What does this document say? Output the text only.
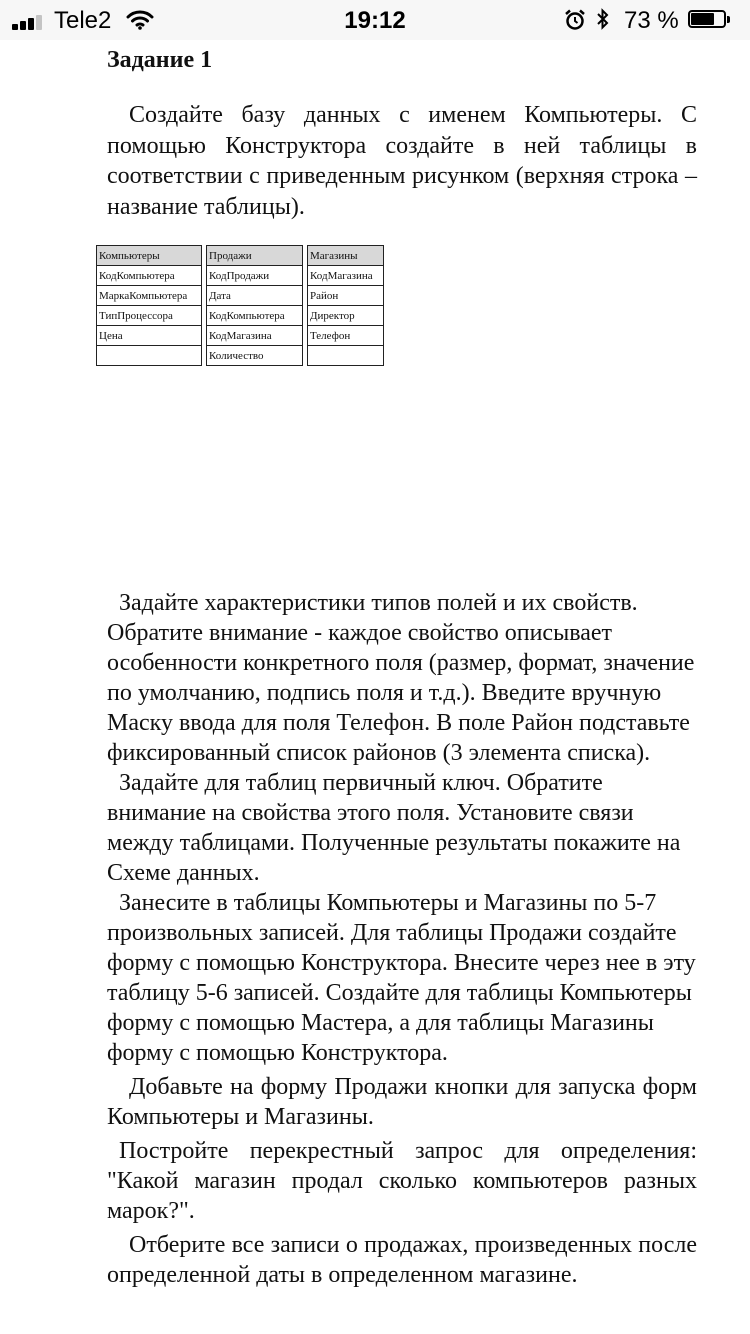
Tele2	19:12	73 %
Задание 1

Создайте базу данных с именем Компьютеры. С помощью Конструктора создайте в ней таблицы в соответствии с приведенным рисунком (верхняя строка – название таблицы).

Компьютеры
КодКомпьютера
МаркаКомпьютера
ТипПроцессора
Цена

Продажи
КодПродажи
Дата
КодКомпьютера
КодМагазина
Количество
Магазины
КодМагазина
Район
Директор
Телефон

Задайте характеристики типов полей и их свойств. Обратите внимание - каждое свойство описывает особенности конкретного поля (размер, формат, значение по умолчанию, подпись поля и т.д.). Введите вручную Маску ввода для поля Телефон. В поле Район подставьте фиксированный список районов (3 элемента списка).

Задайте для таблиц первичный ключ. Обратите внимание на свойства этого поля. Установите связи между таблицами. Полученные результаты покажите на Схеме данных.

Занесите в таблицы Компьютеры и Магазины по 5-7 произвольных записей. Для таблицы Продажи создайте форму с помощью Конструктора. Внесите через нее в эту таблицу 5-6 записей. Создайте для таблицы Компьютеры форму с помощью Мастера, а для таблицы Магазины форму с помощью Конструктора.

Добавьте на форму Продажи кнопки для запуска форм Компьютеры и Магазины.

Постройте перекрестный запрос для определения: "Какой магазин продал сколько компьютеров разных марок?".

Отберите все записи о продажах, произведенных после определенной даты в определенном магазине.
